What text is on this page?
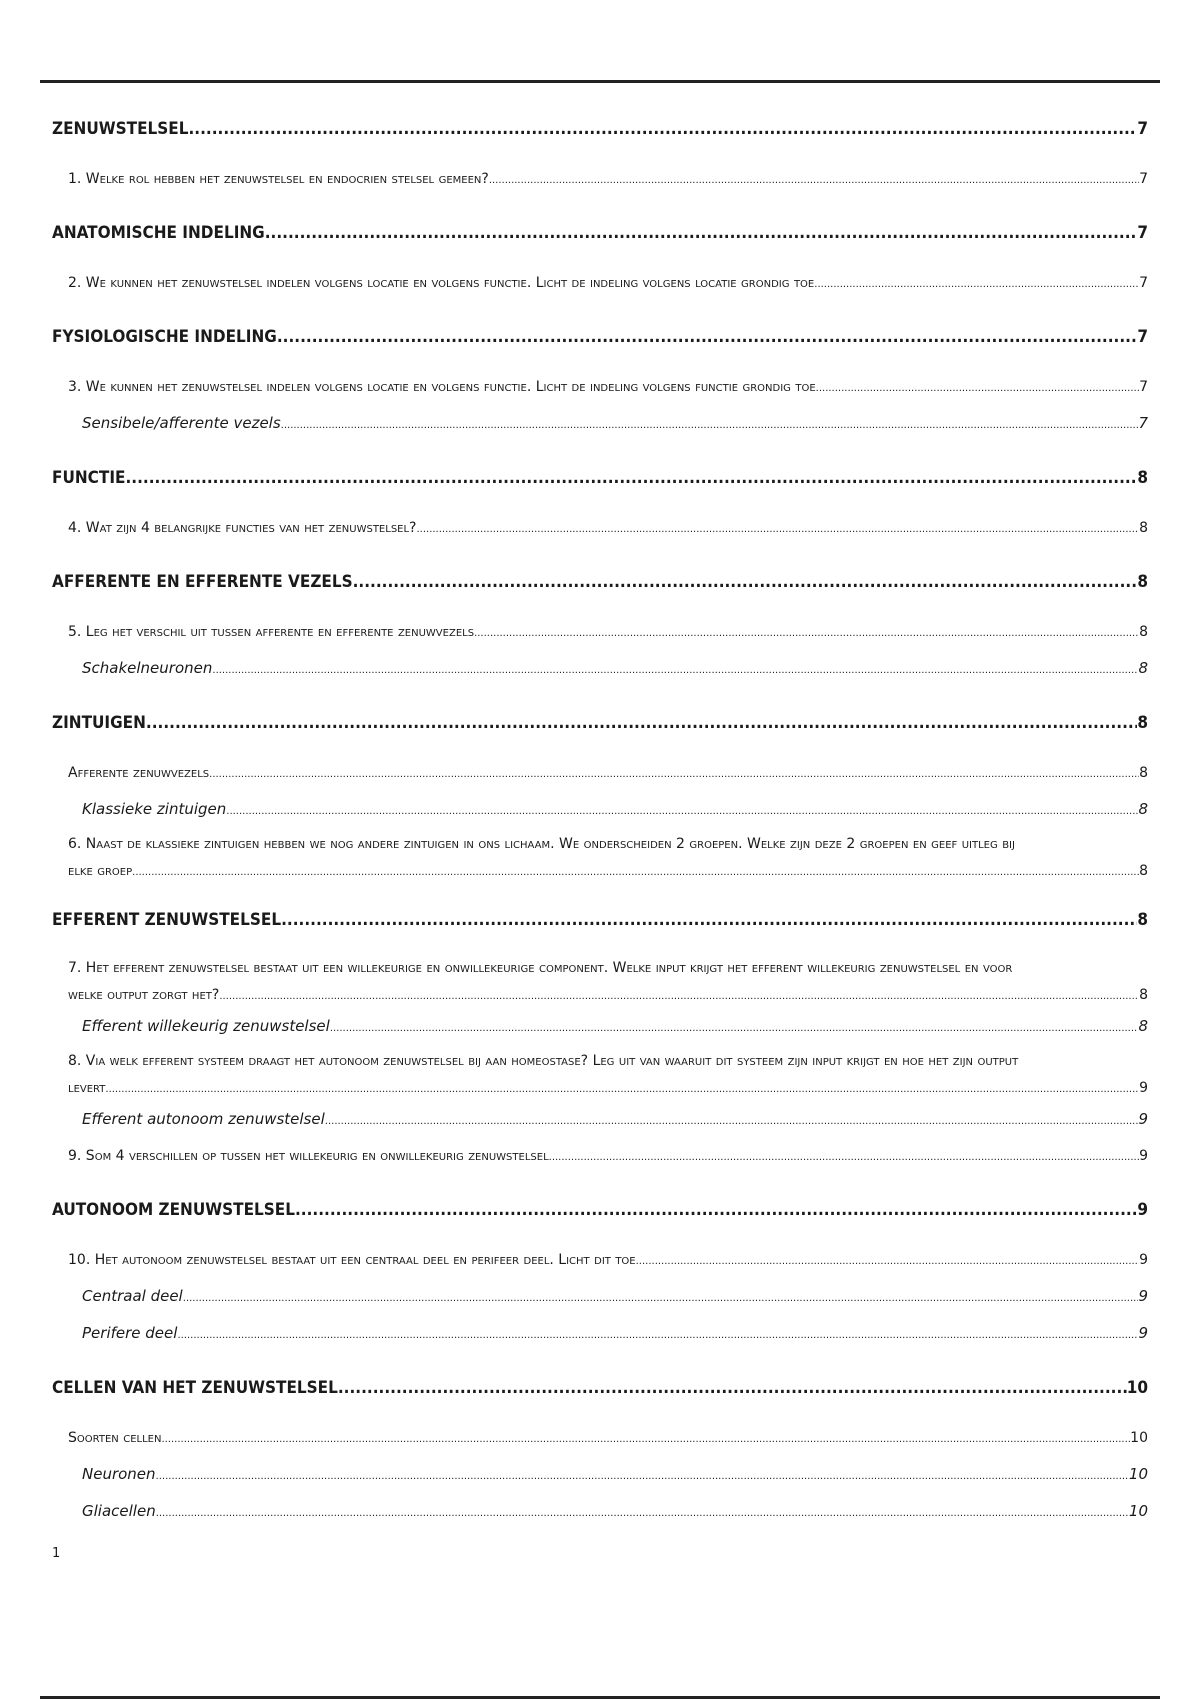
ZENUWSTELSEL .....	7
1. Welke rol hebben het zenuwstelsel en endocrien stelsel gemeen? .....	7
ANATOMISCHE INDELING .....	7
2. We kunnen het zenuwstelsel indelen volgens locatie en volgens functie. Licht de indeling volgens locatie grondig toe .....	7
FYSIOLOGISCHE INDELING .....	7
3. We kunnen het zenuwstelsel indelen volgens locatie en volgens functie. Licht de indeling volgens functie grondig toe .....	7
Sensibele/afferente vezels .....	7
FUNCTIE .....	8
4. Wat zijn 4 belangrijke functies van het zenuwstelsel? .....	8
AFFERENTE EN EFFERENTE VEZELS .....	8
5. Leg het verschil uit tussen afferente en efferente zenuwvezels .....	8
Schakelneuronen .....	8
ZINTUIGEN .....	8
Afferente zenuwvezels .....	8
Klassieke zintuigen .....	8
6. Naast de klassieke zintuigen hebben we nog andere zintuigen in ons lichaam. We onderscheiden 2 groepen. Welke zijn deze 2 groepen en geef uitleg bij
elke groep .....	8
EFFERENT ZENUWSTELSEL .....	8
7. Het efferent zenuwstelsel bestaat uit een willekeurige en onwillekeurige component. Welke input krijgt het efferent willekeurig zenuwstelsel en voor
welke output zorgt het? .....	8
Efferent willekeurig zenuwstelsel .....	8
8. Via welk efferent systeem draagt het autonoom zenuwstelsel bij aan homeostase? Leg uit van waaruit dit systeem zijn input krijgt en hoe het zijn output
levert .....	9
Efferent autonoom zenuwstelsel .....	9
9. Som 4 verschillen op tussen het willekeurig en onwillekeurig zenuwstelsel .....	9
AUTONOOM ZENUWSTELSEL .....	9
10. Het autonoom zenuwstelsel bestaat uit een centraal deel en perifeer deel. Licht dit toe .....	9
Centraal deel .....	9
Perifere deel .....	9
CELLEN VAN HET ZENUWSTELSEL .....	10
Soorten cellen .....	10
Neuronen .....	10
Gliacellen .....	10
1
